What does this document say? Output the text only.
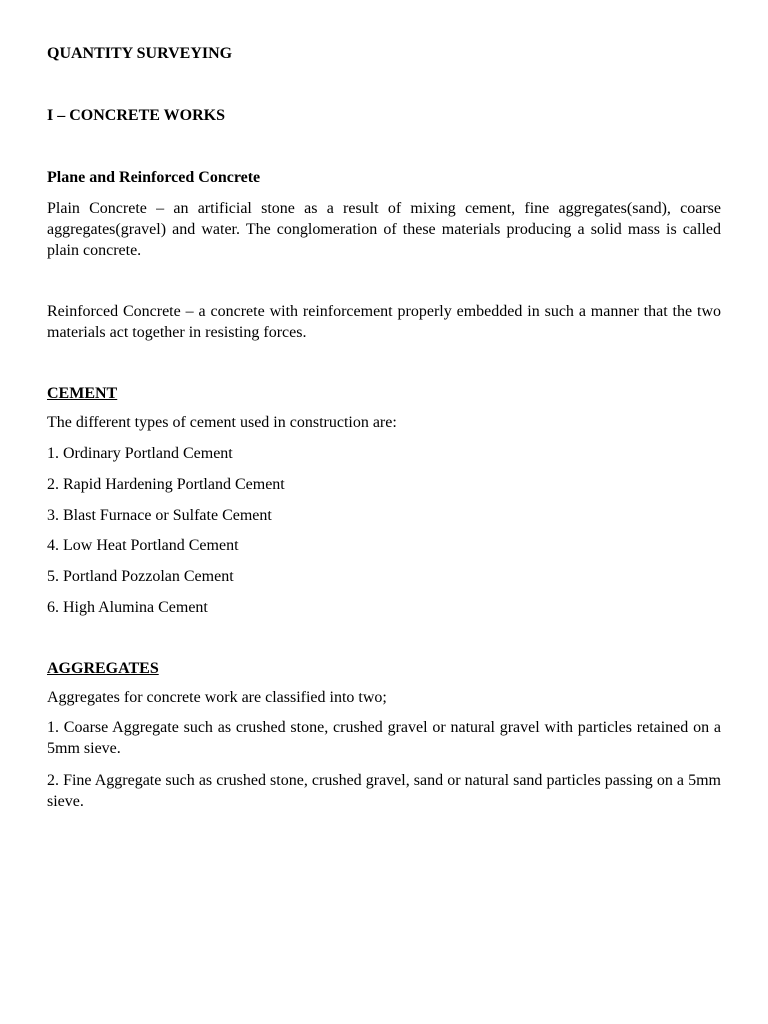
QUANTITY SURVEYING

I – CONCRETE WORKS

Plane and Reinforced Concrete

Plain Concrete – an artificial stone as a result of mixing cement, fine aggregates(sand), coarse aggregates(gravel) and water. The conglomeration of these materials producing a solid mass is called plain concrete.

Reinforced Concrete – a concrete with reinforcement properly embedded in such a manner that the two materials act together in resisting forces.

CEMENT

The different types of cement used in construction are:

1. Ordinary Portland Cement

2. Rapid Hardening Portland Cement

3. Blast Furnace or Sulfate Cement

4. Low Heat Portland Cement

5. Portland Pozzolan Cement

6. High Alumina Cement

AGGREGATES

Aggregates for concrete work are classified into two;

1. Coarse Aggregate such as crushed stone, crushed gravel or natural gravel with particles retained on a 5mm sieve.

2. Fine Aggregate such as crushed stone, crushed gravel, sand or natural sand particles passing on a 5mm sieve.
